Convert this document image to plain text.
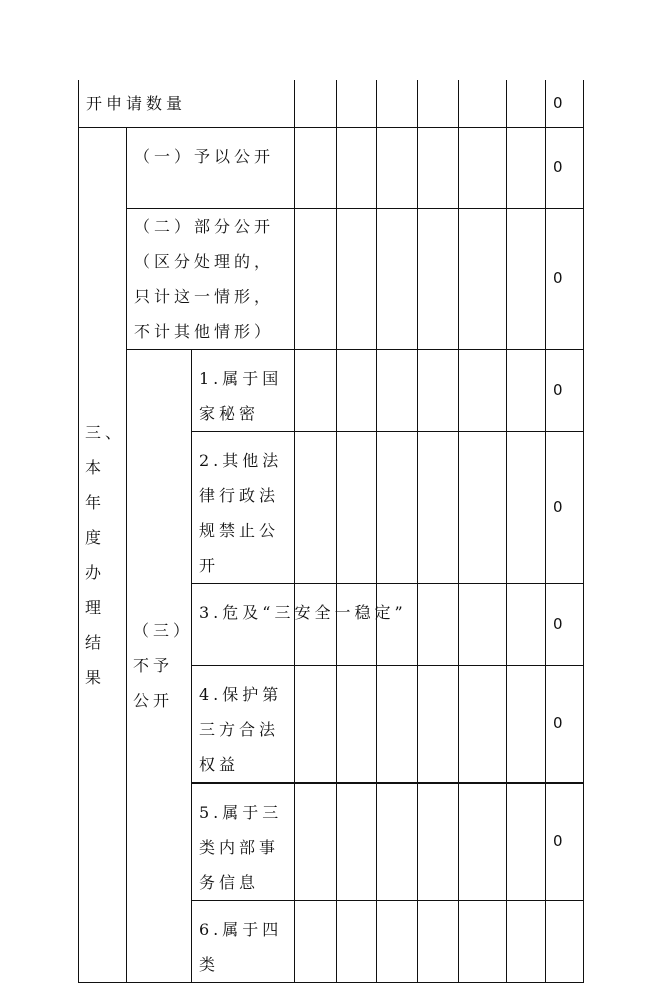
开申请数量									0

三、本年度办理结果	（一）予以公开								0

	（二）部分公开（区分处理的，只计这一情形，不计其他情形）								0

	（三）不予公开	1.属于国家秘密							0

		2.其他法律行政法规禁止公开							0

		3.危及“三安全一稳定”							0

		4.保护第三方合法权益							0

		5.属于三类内部事务信息							0

		6.属于四类							
